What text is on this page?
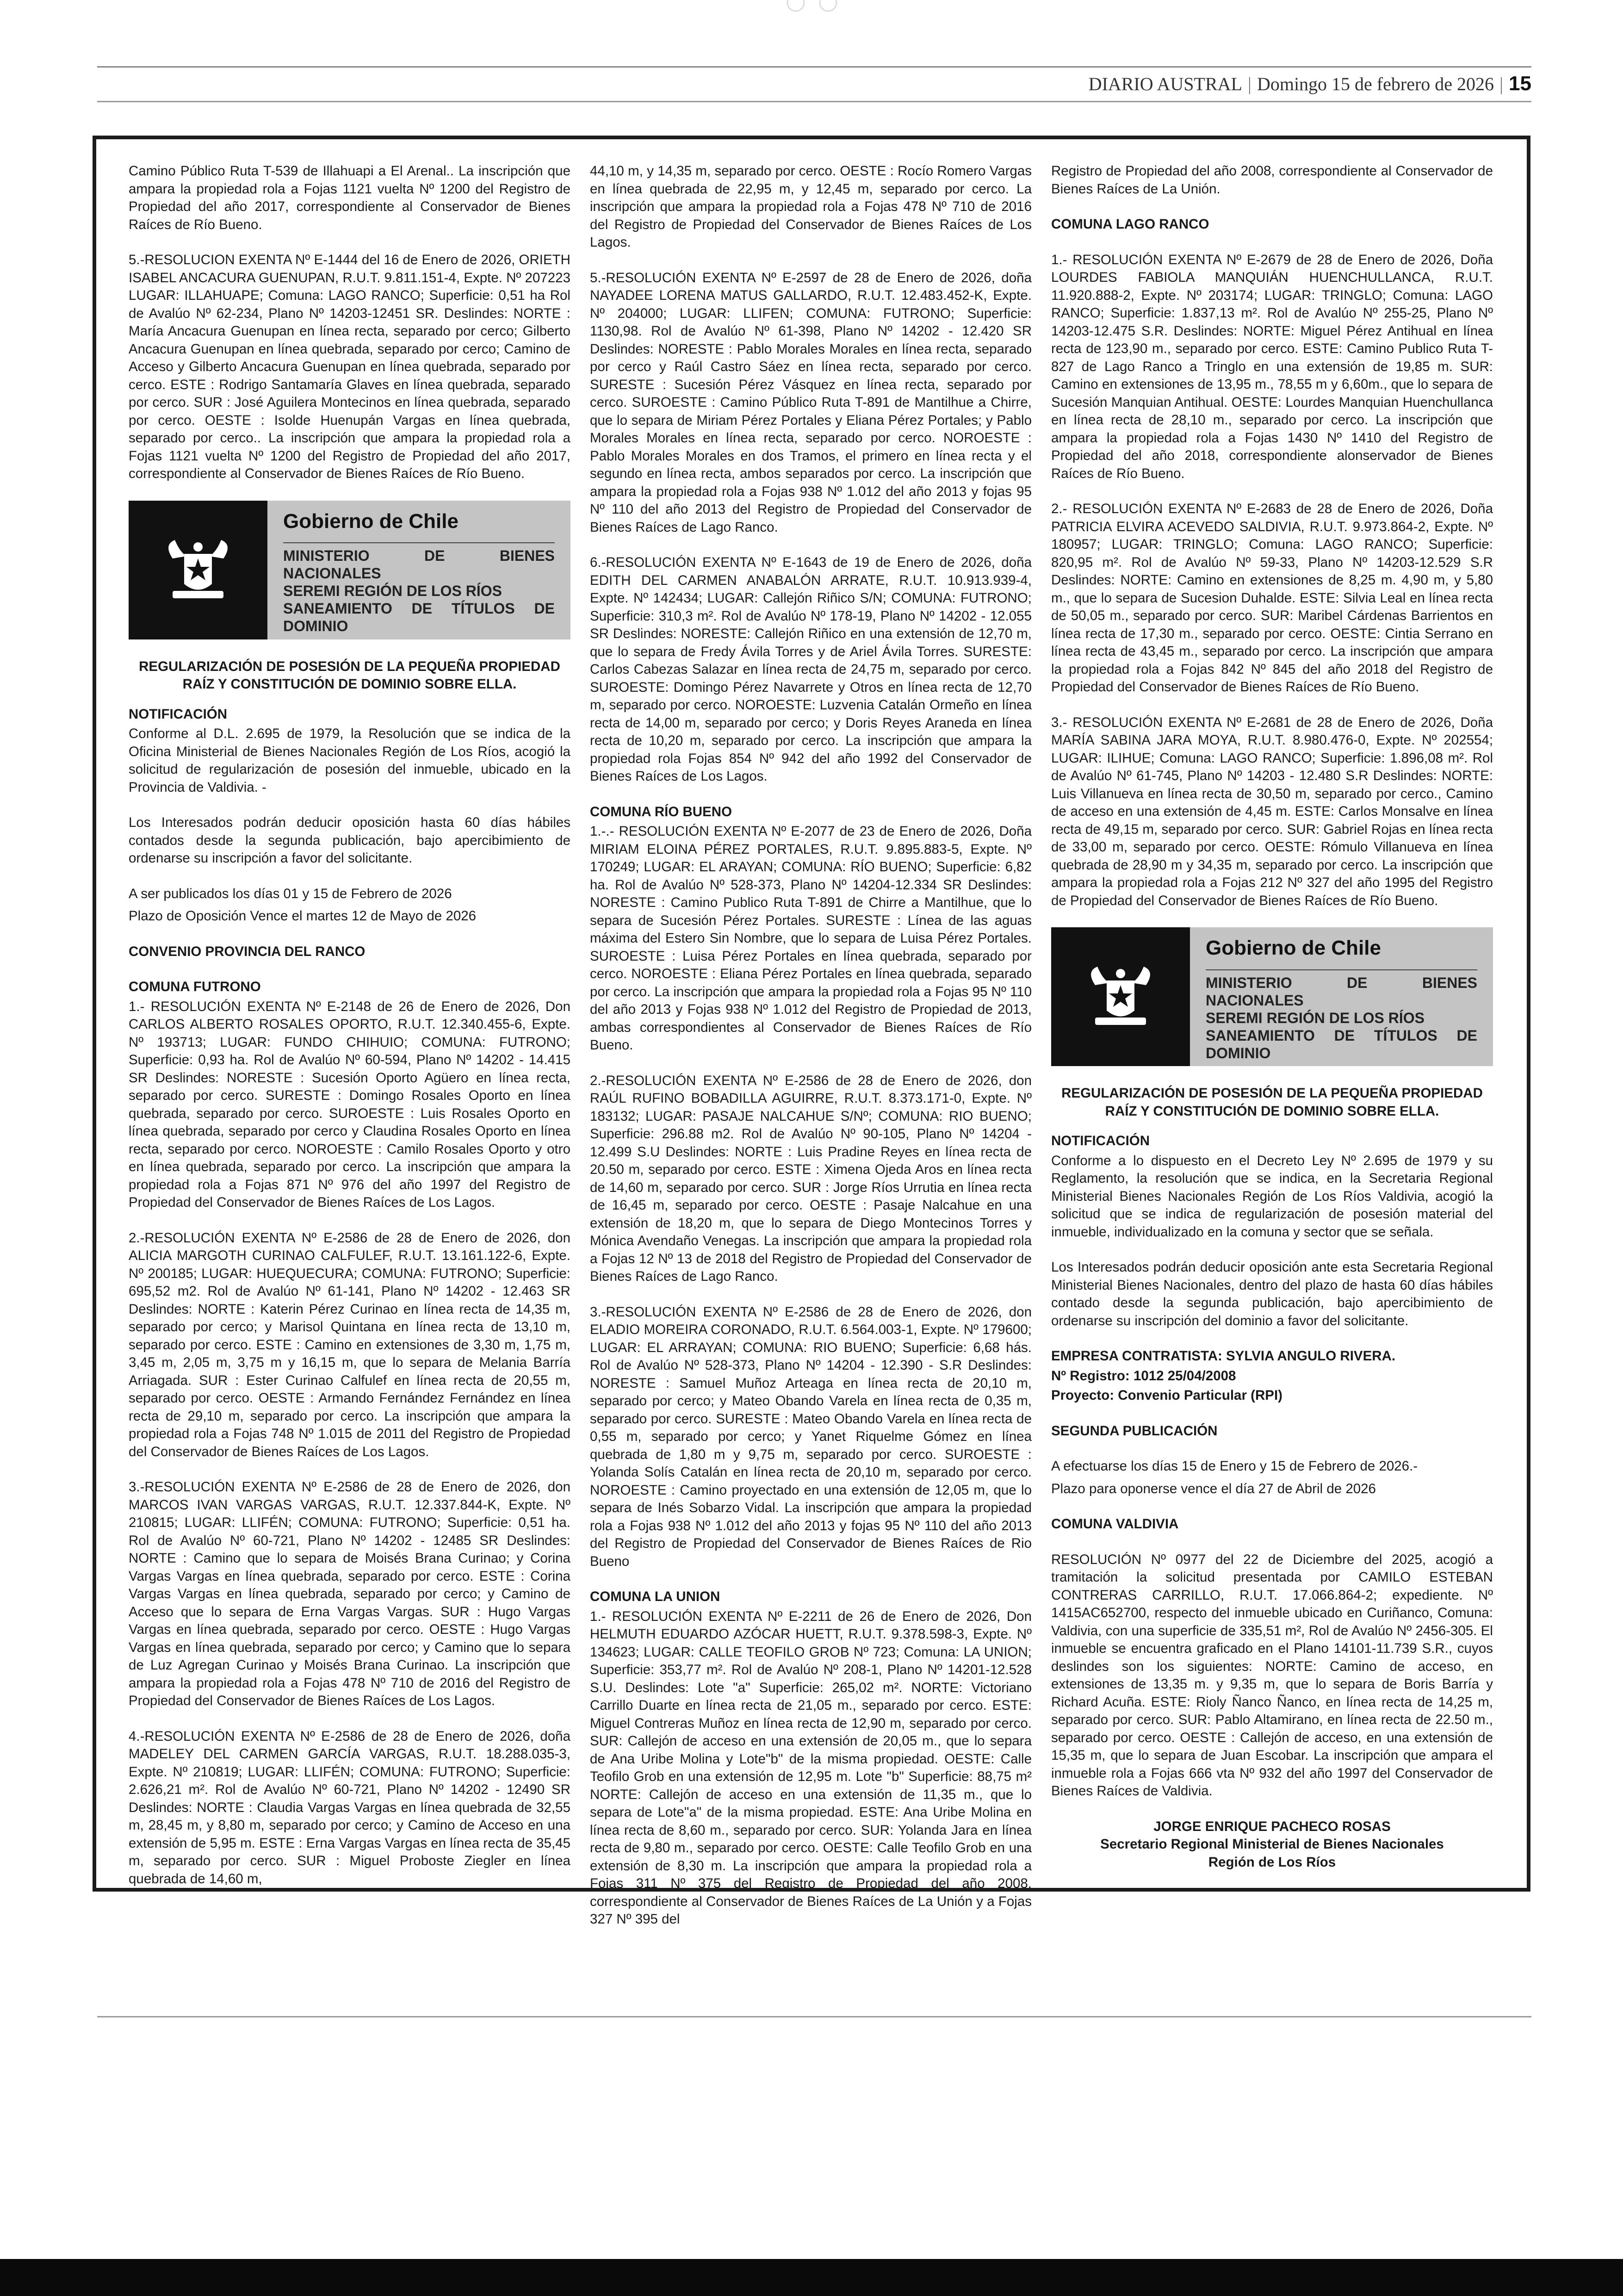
DIARIO AUSTRAL | Domingo 15 de febrero de 2026 | 15

Camino Público Ruta T-539 de Illahuapi a El Arenal.. La inscripción que ampara la propiedad rola a Fojas 1121 vuelta Nº 1200 del Registro de Propiedad del año 2017, correspondiente al Conservador de Bienes Raíces de Río Bueno.

5.-RESOLUCION EXENTA Nº E-1444 del 16 de Enero de 2026, ORIETH ISABEL ANCACURA GUENUPAN, R.U.T. 9.811.151-4, Expte. Nº 207223 LUGAR: ILLAHUAPE; Comuna: LAGO RANCO; Superficie: 0,51 ha Rol de Avalúo Nº 62-234, Plano Nº 14203-12451 SR. Deslindes: NORTE : María Ancacura Guenupan en línea recta, separado por cerco; Gilberto Ancacura Guenupan en línea quebrada, separado por cerco; Camino de Acceso y Gilberto Ancacura Guenupan en línea quebrada, separado por cerco. ESTE : Rodrigo Santamaría Glaves en línea quebrada, separado por cerco. SUR : José Aguilera Montecinos en línea quebrada, separado por cerco. OESTE : Isolde Huenupán Vargas en línea quebrada, separado por cerco.. La inscripción que ampara la propiedad rola a Fojas 1121 vuelta Nº 1200 del Registro de Propiedad del año 2017, correspondiente al Conservador de Bienes Raíces de Río Bueno.

Gobierno de Chile
MINISTERIO DE BIENES NACIONALES
SEREMI REGIÓN DE LOS RÍOS
SANEAMIENTO DE TÍTULOS DE DOMINIO
REGULARIZACIÓN DE POSESIÓN DE LA PEQUEÑA PROPIEDAD RAÍZ Y CONSTITUCIÓN DE DOMINIO SOBRE ELLA.
NOTIFICACIÓN

Conforme al D.L. 2.695 de 1979, la Resolución que se indica de la Oficina Ministerial de Bienes Nacionales Región de Los Ríos, acogió la solicitud de regularización de posesión del inmueble, ubicado en la Provincia de Valdivia. -

Los Interesados podrán deducir oposición hasta 60 días hábiles contados desde la segunda publicación, bajo apercibimiento de ordenarse su inscripción a favor del solicitante.

A ser publicados los días 01 y 15 de Febrero de 2026

Plazo de Oposición Vence el martes 12 de Mayo de 2026

CONVENIO PROVINCIA DEL RANCO

COMUNA FUTRONO

1.- RESOLUCIÓN EXENTA Nº E-2148 de 26 de Enero de 2026, Don CARLOS ALBERTO ROSALES OPORTO, R.U.T. 12.340.455-6, Expte. Nº 193713; LUGAR: FUNDO CHIHUIO; COMUNA: FUTRONO; Superficie: 0,93 ha. Rol de Avalúo Nº 60-594, Plano Nº 14202 - 14.415 SR Deslindes: NORESTE : Sucesión Oporto Agüero en línea recta, separado por cerco. SURESTE : Domingo Rosales Oporto en línea quebrada, separado por cerco. SUROESTE : Luis Rosales Oporto en línea quebrada, separado por cerco y Claudina Rosales Oporto en línea recta, separado por cerco. NOROESTE : Camilo Rosales Oporto y otro en línea quebrada, separado por cerco. La inscripción que ampara la propiedad rola a Fojas 871 Nº 976 del año 1997 del Registro de Propiedad del Conservador de Bienes Raíces de Los Lagos.

2.-RESOLUCIÓN EXENTA Nº E-2586 de 28 de Enero de 2026, don ALICIA MARGOTH CURINAO CALFULEF, R.U.T. 13.161.122-6, Expte. Nº 200185; LUGAR: HUEQUECURA; COMUNA: FUTRONO; Superficie: 695,52 m2. Rol de Avalúo Nº 61-141, Plano Nº 14202 - 12.463 SR Deslindes: NORTE : Katerin Pérez Curinao en línea recta de 14,35 m, separado por cerco; y Marisol Quintana en línea recta de 13,10 m, separado por cerco. ESTE : Camino en extensiones de 3,30 m, 1,75 m, 3,45 m, 2,05 m, 3,75 m y 16,15 m, que lo separa de Melania Barría Arriagada. SUR : Ester Curinao Calfulef en línea recta de 20,55 m, separado por cerco. OESTE : Armando Fernández Fernández en línea recta de 29,10 m, separado por cerco. La inscripción que ampara la propiedad rola a Fojas 748 Nº 1.015 de 2011 del Registro de Propiedad del Conservador de Bienes Raíces de Los Lagos.

3.-RESOLUCIÓN EXENTA Nº E-2586 de 28 de Enero de 2026, don MARCOS IVAN VARGAS VARGAS, R.U.T. 12.337.844-K, Expte. Nº 210815; LUGAR: LLIFÉN; COMUNA: FUTRONO; Superficie: 0,51 ha. Rol de Avalúo Nº 60-721, Plano Nº 14202 - 12485 SR Deslindes: NORTE : Camino que lo separa de Moisés Brana Curinao; y Corina Vargas Vargas en línea quebrada, separado por cerco. ESTE : Corina Vargas Vargas en línea quebrada, separado por cerco; y Camino de Acceso que lo separa de Erna Vargas Vargas. SUR : Hugo Vargas Vargas en línea quebrada, separado por cerco. OESTE : Hugo Vargas Vargas en línea quebrada, separado por cerco; y Camino que lo separa de Luz Agregan Curinao y Moisés Brana Curinao. La inscripción que ampara la propiedad rola a Fojas 478 Nº 710 de 2016 del Registro de Propiedad del Conservador de Bienes Raíces de Los Lagos.

4.-RESOLUCIÓN EXENTA Nº E-2586 de 28 de Enero de 2026, doña MADELEY DEL CARMEN GARCÍA VARGAS, R.U.T. 18.288.035-3, Expte. Nº 210819; LUGAR: LLIFÉN; COMUNA: FUTRONO; Superficie: 2.626,21 m². Rol de Avalúo Nº 60-721, Plano Nº 14202 - 12490 SR Deslindes: NORTE : Claudia Vargas Vargas en línea quebrada de 32,55 m, 28,45 m, y 8,80 m, separado por cerco; y Camino de Acceso en una extensión de 5,95 m. ESTE : Erna Vargas Vargas en línea recta de 35,45 m, separado por cerco. SUR : Miguel Proboste Ziegler en línea quebrada de 14,60 m,

44,10 m, y 14,35 m, separado por cerco. OESTE : Rocío Romero Vargas en línea quebrada de 22,95 m, y 12,45 m, separado por cerco. La inscripción que ampara la propiedad rola a Fojas 478 Nº 710 de 2016 del Registro de Propiedad del Conservador de Bienes Raíces de Los Lagos.

5.-RESOLUCIÓN EXENTA Nº E-2597 de 28 de Enero de 2026, doña NAYADEE LORENA MATUS GALLARDO, R.U.T. 12.483.452-K, Expte. Nº 204000; LUGAR: LLIFEN; COMUNA: FUTRONO; Superficie: 1130,98. Rol de Avalúo Nº 61-398, Plano Nº 14202 - 12.420 SR Deslindes: NORESTE : Pablo Morales Morales en línea recta, separado por cerco y Raúl Castro Sáez en línea recta, separado por cerco. SURESTE : Sucesión Pérez Vásquez en línea recta, separado por cerco. SUROESTE : Camino Público Ruta T-891 de Mantilhue a Chirre, que lo separa de Miriam Pérez Portales y Eliana Pérez Portales; y Pablo Morales Morales en línea recta, separado por cerco. NOROESTE : Pablo Morales Morales en dos Tramos, el primero en línea recta y el segundo en línea recta, ambos separados por cerco. La inscripción que ampara la propiedad rola a Fojas 938 Nº 1.012 del año 2013 y fojas 95 Nº 110 del año 2013 del Registro de Propiedad del Conservador de Bienes Raíces de Lago Ranco.

6.-RESOLUCIÓN EXENTA Nº E-1643 de 19 de Enero de 2026, doña EDITH DEL CARMEN ANABALÓN ARRATE, R.U.T. 10.913.939-4, Expte. Nº 142434; LUGAR: Callejón Riñico S/N; COMUNA: FUTRONO; Superficie: 310,3 m². Rol de Avalúo Nº 178-19, Plano Nº 14202 - 12.055 SR Deslindes: NORESTE: Callejón Riñico en una extensión de 12,70 m, que lo separa de Fredy Ávila Torres y de Ariel Ávila Torres. SURESTE: Carlos Cabezas Salazar en línea recta de 24,75 m, separado por cerco. SUROESTE: Domingo Pérez Navarrete y Otros en línea recta de 12,70 m, separado por cerco. NOROESTE: Luzvenia Catalán Ormeño en línea recta de 14,00 m, separado por cerco; y Doris Reyes Araneda en línea recta de 10,20 m, separado por cerco. La inscripción que ampara la propiedad rola Fojas 854 Nº 942 del año 1992 del Conservador de Bienes Raíces de Los Lagos.

COMUNA RÍO BUENO

1.-.- RESOLUCIÓN EXENTA Nº E-2077 de 23 de Enero de 2026, Doña MIRIAM ELOINA PÉREZ PORTALES, R.U.T. 9.895.883-5, Expte. Nº 170249; LUGAR: EL ARAYAN; COMUNA: RÍO BUENO; Superficie: 6,82 ha. Rol de Avalúo Nº 528-373, Plano Nº 14204-12.334 SR Deslindes: NORESTE : Camino Publico Ruta T-891 de Chirre a Mantilhue, que lo separa de Sucesión Pérez Portales. SURESTE : Línea de las aguas máxima del Estero Sin Nombre, que lo separa de Luisa Pérez Portales. SUROESTE : Luisa Pérez Portales en línea quebrada, separado por cerco. NOROESTE : Eliana Pérez Portales en línea quebrada, separado por cerco. La inscripción que ampara la propiedad rola a Fojas 95 Nº 110 del año 2013 y Fojas 938 Nº 1.012 del Registro de Propiedad de 2013, ambas correspondientes al Conservador de Bienes Raíces de Río Bueno.

2.-RESOLUCIÓN EXENTA Nº E-2586 de 28 de Enero de 2026, don RAÚL RUFINO BOBADILLA AGUIRRE, R.U.T. 8.373.171-0, Expte. Nº 183132; LUGAR: PASAJE NALCAHUE S/Nº; COMUNA: RIO BUENO; Superficie: 296.88 m2. Rol de Avalúo Nº 90-105, Plano Nº 14204 - 12.499 S.U Deslindes: NORTE : Luis Pradine Reyes en línea recta de 20.50 m, separado por cerco. ESTE : Ximena Ojeda Aros en línea recta de 14,60 m, separado por cerco. SUR : Jorge Ríos Urrutia en línea recta de 16,45 m, separado por cerco. OESTE : Pasaje Nalcahue en una extensión de 18,20 m, que lo separa de Diego Montecinos Torres y Mónica Avendaño Venegas. La inscripción que ampara la propiedad rola a Fojas 12 Nº 13 de 2018 del Registro de Propiedad del Conservador de Bienes Raíces de Lago Ranco.

3.-RESOLUCIÓN EXENTA Nº E-2586 de 28 de Enero de 2026, don ELADIO MOREIRA CORONADO, R.U.T. 6.564.003-1, Expte. Nº 179600; LUGAR: EL ARRAYAN; COMUNA: RIO BUENO; Superficie: 6,68 hás. Rol de Avalúo Nº 528-373, Plano Nº 14204 - 12.390 - S.R Deslindes: NORESTE : Samuel Muñoz Arteaga en línea recta de 20,10 m, separado por cerco; y Mateo Obando Varela en línea recta de 0,35 m, separado por cerco. SURESTE : Mateo Obando Varela en línea recta de 0,55 m, separado por cerco; y Yanet Riquelme Gómez en línea quebrada de 1,80 m y 9,75 m, separado por cerco. SUROESTE : Yolanda Solís Catalán en línea recta de 20,10 m, separado por cerco. NOROESTE : Camino proyectado en una extensión de 12,05 m, que lo separa de Inés Sobarzo Vidal. La inscripción que ampara la propiedad rola a Fojas 938 Nº 1.012 del año 2013 y fojas 95 Nº 110 del año 2013 del Registro de Propiedad del Conservador de Bienes Raíces de Rio Bueno

COMUNA LA UNION

1.- RESOLUCIÓN EXENTA Nº E-2211 de 26 de Enero de 2026, Don HELMUTH EDUARDO AZÓCAR HUETT, R.U.T. 9.378.598-3, Expte. Nº 134623; LUGAR: CALLE TEOFILO GROB Nº 723; Comuna: LA UNION; Superficie: 353,77 m². Rol de Avalúo Nº 208-1, Plano Nº 14201-12.528 S.U. Deslindes: Lote "a" Superficie: 265,02 m². NORTE: Victoriano Carrillo Duarte en línea recta de 21,05 m., separado por cerco. ESTE: Miguel Contreras Muñoz en línea recta de 12,90 m, separado por cerco. SUR: Callejón de acceso en una extensión de 20,05 m., que lo separa de Ana Uribe Molina y Lote"b" de la misma propiedad. OESTE: Calle Teofilo Grob en una extensión de 12,95 m. Lote "b" Superficie: 88,75 m² NORTE: Callejón de acceso en una extensión de 11,35 m., que lo separa de Lote"a" de la misma propiedad. ESTE: Ana Uribe Molina en línea recta de 8,60 m., separado por cerco. SUR: Yolanda Jara en línea recta de 9,80 m., separado por cerco. OESTE: Calle Teofilo Grob en una extensión de 8,30 m. La inscripción que ampara la propiedad rola a Fojas 311 Nº 375 del Registro de Propiedad del año 2008, correspondiente al Conservador de Bienes Raíces de La Unión y a Fojas 327 Nº 395 del

Registro de Propiedad del año 2008, correspondiente al Conservador de Bienes Raíces de La Unión.

COMUNA LAGO RANCO

1.- RESOLUCIÓN EXENTA Nº E-2679 de 28 de Enero de 2026, Doña LOURDES FABIOLA MANQUIÁN HUENCHULLANCA, R.U.T. 11.920.888-2, Expte. Nº 203174; LUGAR: TRINGLO; Comuna: LAGO RANCO; Superficie: 1.837,13 m². Rol de Avalúo Nº 255-25, Plano Nº 14203-12.475 S.R. Deslindes: NORTE: Miguel Pérez Antihual en línea recta de 123,90 m., separado por cerco. ESTE: Camino Publico Ruta T-827 de Lago Ranco a Tringlo en una extensión de 19,85 m. SUR: Camino en extensiones de 13,95 m., 78,55 m y 6,60m., que lo separa de Sucesión Manquian Antihual. OESTE: Lourdes Manquian Huenchullanca en línea recta de 28,10 m., separado por cerco. La inscripción que ampara la propiedad rola a Fojas 1430 Nº 1410 del Registro de Propiedad del año 2018, correspondiente alonservador de Bienes Raíces de Río Bueno.

2.- RESOLUCIÓN EXENTA Nº E-2683 de 28 de Enero de 2026, Doña PATRICIA ELVIRA ACEVEDO SALDIVIA, R.U.T. 9.973.864-2, Expte. Nº 180957; LUGAR: TRINGLO; Comuna: LAGO RANCO; Superficie: 820,95 m². Rol de Avalúo Nº 59-33, Plano Nº 14203-12.529 S.R Deslindes: NORTE: Camino en extensiones de 8,25 m. 4,90 m, y 5,80 m., que lo separa de Sucesion Duhalde. ESTE: Silvia Leal en línea recta de 50,05 m., separado por cerco. SUR: Maribel Cárdenas Barrientos en línea recta de 17,30 m., separado por cerco. OESTE: Cintia Serrano en línea recta de 43,45 m., separado por cerco. La inscripción que ampara la propiedad rola a Fojas 842 Nº 845 del año 2018 del Registro de Propiedad del Conservador de Bienes Raíces de Río Bueno.

3.- RESOLUCIÓN EXENTA Nº E-2681 de 28 de Enero de 2026, Doña MARÍA SABINA JARA MOYA, R.U.T. 8.980.476-0, Expte. Nº 202554; LUGAR: ILIHUE; Comuna: LAGO RANCO; Superficie: 1.896,08 m². Rol de Avalúo Nº 61-745, Plano Nº 14203 - 12.480 S.R Deslindes: NORTE: Luis Villanueva en línea recta de 30,50 m, separado por cerco., Camino de acceso en una extensión de 4,45 m. ESTE: Carlos Monsalve en línea recta de 49,15 m, separado por cerco. SUR: Gabriel Rojas en línea recta de 33,00 m, separado por cerco. OESTE: Rómulo Villanueva en línea quebrada de 28,90 m y 34,35 m, separado por cerco. La inscripción que ampara la propiedad rola a Fojas 212 Nº 327 del año 1995 del Registro de Propiedad del Conservador de Bienes Raíces de Río Bueno.

Gobierno de Chile
MINISTERIO DE BIENES NACIONALES
SEREMI REGIÓN DE LOS RÍOS
SANEAMIENTO DE TÍTULOS DE DOMINIO
REGULARIZACIÓN DE POSESIÓN DE LA PEQUEÑA PROPIEDAD RAÍZ Y CONSTITUCIÓN DE DOMINIO SOBRE ELLA.
NOTIFICACIÓN

Conforme a lo dispuesto en el Decreto Ley Nº 2.695 de 1979 y su Reglamento, la resolución que se indica, en la Secretaria Regional Ministerial Bienes Nacionales Región de Los Ríos Valdivia, acogió la solicitud que se indica de regularización de posesión material del inmueble, individualizado en la comuna y sector que se señala.

Los Interesados podrán deducir oposición ante esta Secretaria Regional Ministerial Bienes Nacionales, dentro del plazo de hasta 60 días hábiles contado desde la segunda publicación, bajo apercibimiento de ordenarse su inscripción del dominio a favor del solicitante.

EMPRESA CONTRATISTA: SYLVIA ANGULO RIVERA.
Nº Registro: 1012 25/04/2008

Proyecto: Convenio Particular (RPI)

SEGUNDA PUBLICACIÓN

A efectuarse los días 15 de Enero y 15 de Febrero de 2026.-

Plazo para oponerse vence el día 27 de Abril de 2026

COMUNA VALDIVIA

RESOLUCIÓN Nº 0977 del 22 de Diciembre del 2025, acogió a tramitación la solicitud presentada por CAMILO ESTEBAN CONTRERAS CARRILLO, R.U.T. 17.066.864-2; expediente. Nº 1415AC652700, respecto del inmueble ubicado en Curiñanco, Comuna: Valdivia, con una superficie de 335,51 m², Rol de Avalúo Nº 2456-305. El inmueble se encuentra graficado en el Plano 14101-11.739 S.R., cuyos deslindes son los siguientes: NORTE: Camino de acceso, en extensiones de 13,35 m. y 9,35 m, que lo separa de Boris Barría y Richard Acuña. ESTE: Rioly Ñanco Ñanco, en línea recta de 14,25 m, separado por cerco. SUR: Pablo Altamirano, en línea recta de 22.50 m., separado por cerco. OESTE : Callejón de acceso, en una extensión de 15,35 m, que lo separa de Juan Escobar. La inscripción que ampara el inmueble rola a Fojas 666 vta Nº 932 del año 1997 del Conservador de Bienes Raíces de Valdivia.

JORGE ENRIQUE PACHECO ROSAS
Secretario Regional Ministerial de Bienes Nacionales
Región de Los Ríos
